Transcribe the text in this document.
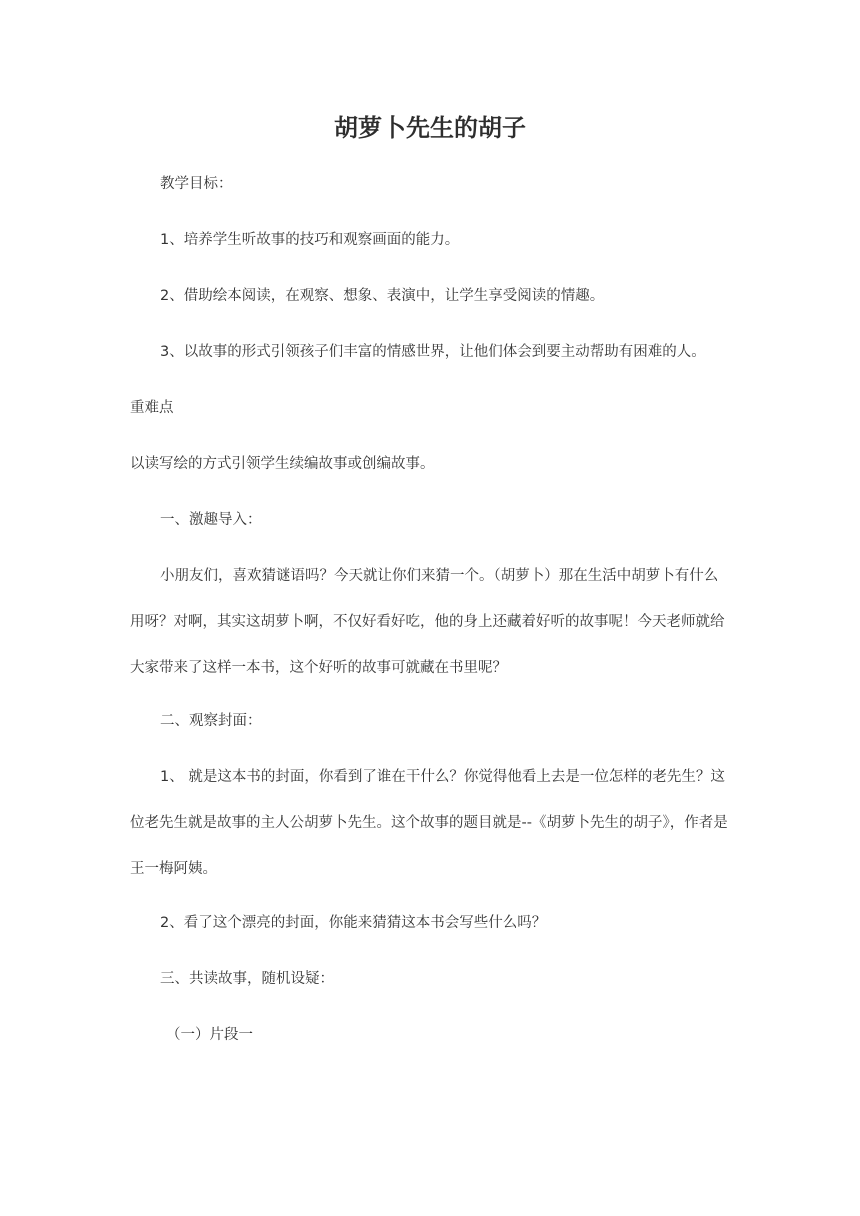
胡萝卜先生的胡子
教学目标：
1、培养学生听故事的技巧和观察画面的能力。
2、借助绘本阅读，在观察、想象、表演中，让学生享受阅读的情趣。
3、以故事的形式引领孩子们丰富的情感世界，让他们体会到要主动帮助有困难的人。
重难点
以读写绘的方式引领学生续编故事或创编故事。
一、激趣导入：
小朋友们，喜欢猜谜语吗？今天就让你们来猜一个。（胡萝卜）那在生活中胡萝卜有什么用呀？对啊，其实这胡萝卜啊，不仅好看好吃，他的身上还藏着好听的故事呢！今天老师就给大家带来了这样一本书，这个好听的故事可就藏在书里呢？
二、观察封面：
1、 就是这本书的封面，你看到了谁在干什么？你觉得他看上去是一位怎样的老先生？这位老先生就是故事的主人公胡萝卜先生。这个故事的题目就是--《胡萝卜先生的胡子》，作者是王一梅阿姨。
2、看了这个漂亮的封面，你能来猜猜这本书会写些什么吗？
三、共读故事，随机设疑：
（一）片段一
